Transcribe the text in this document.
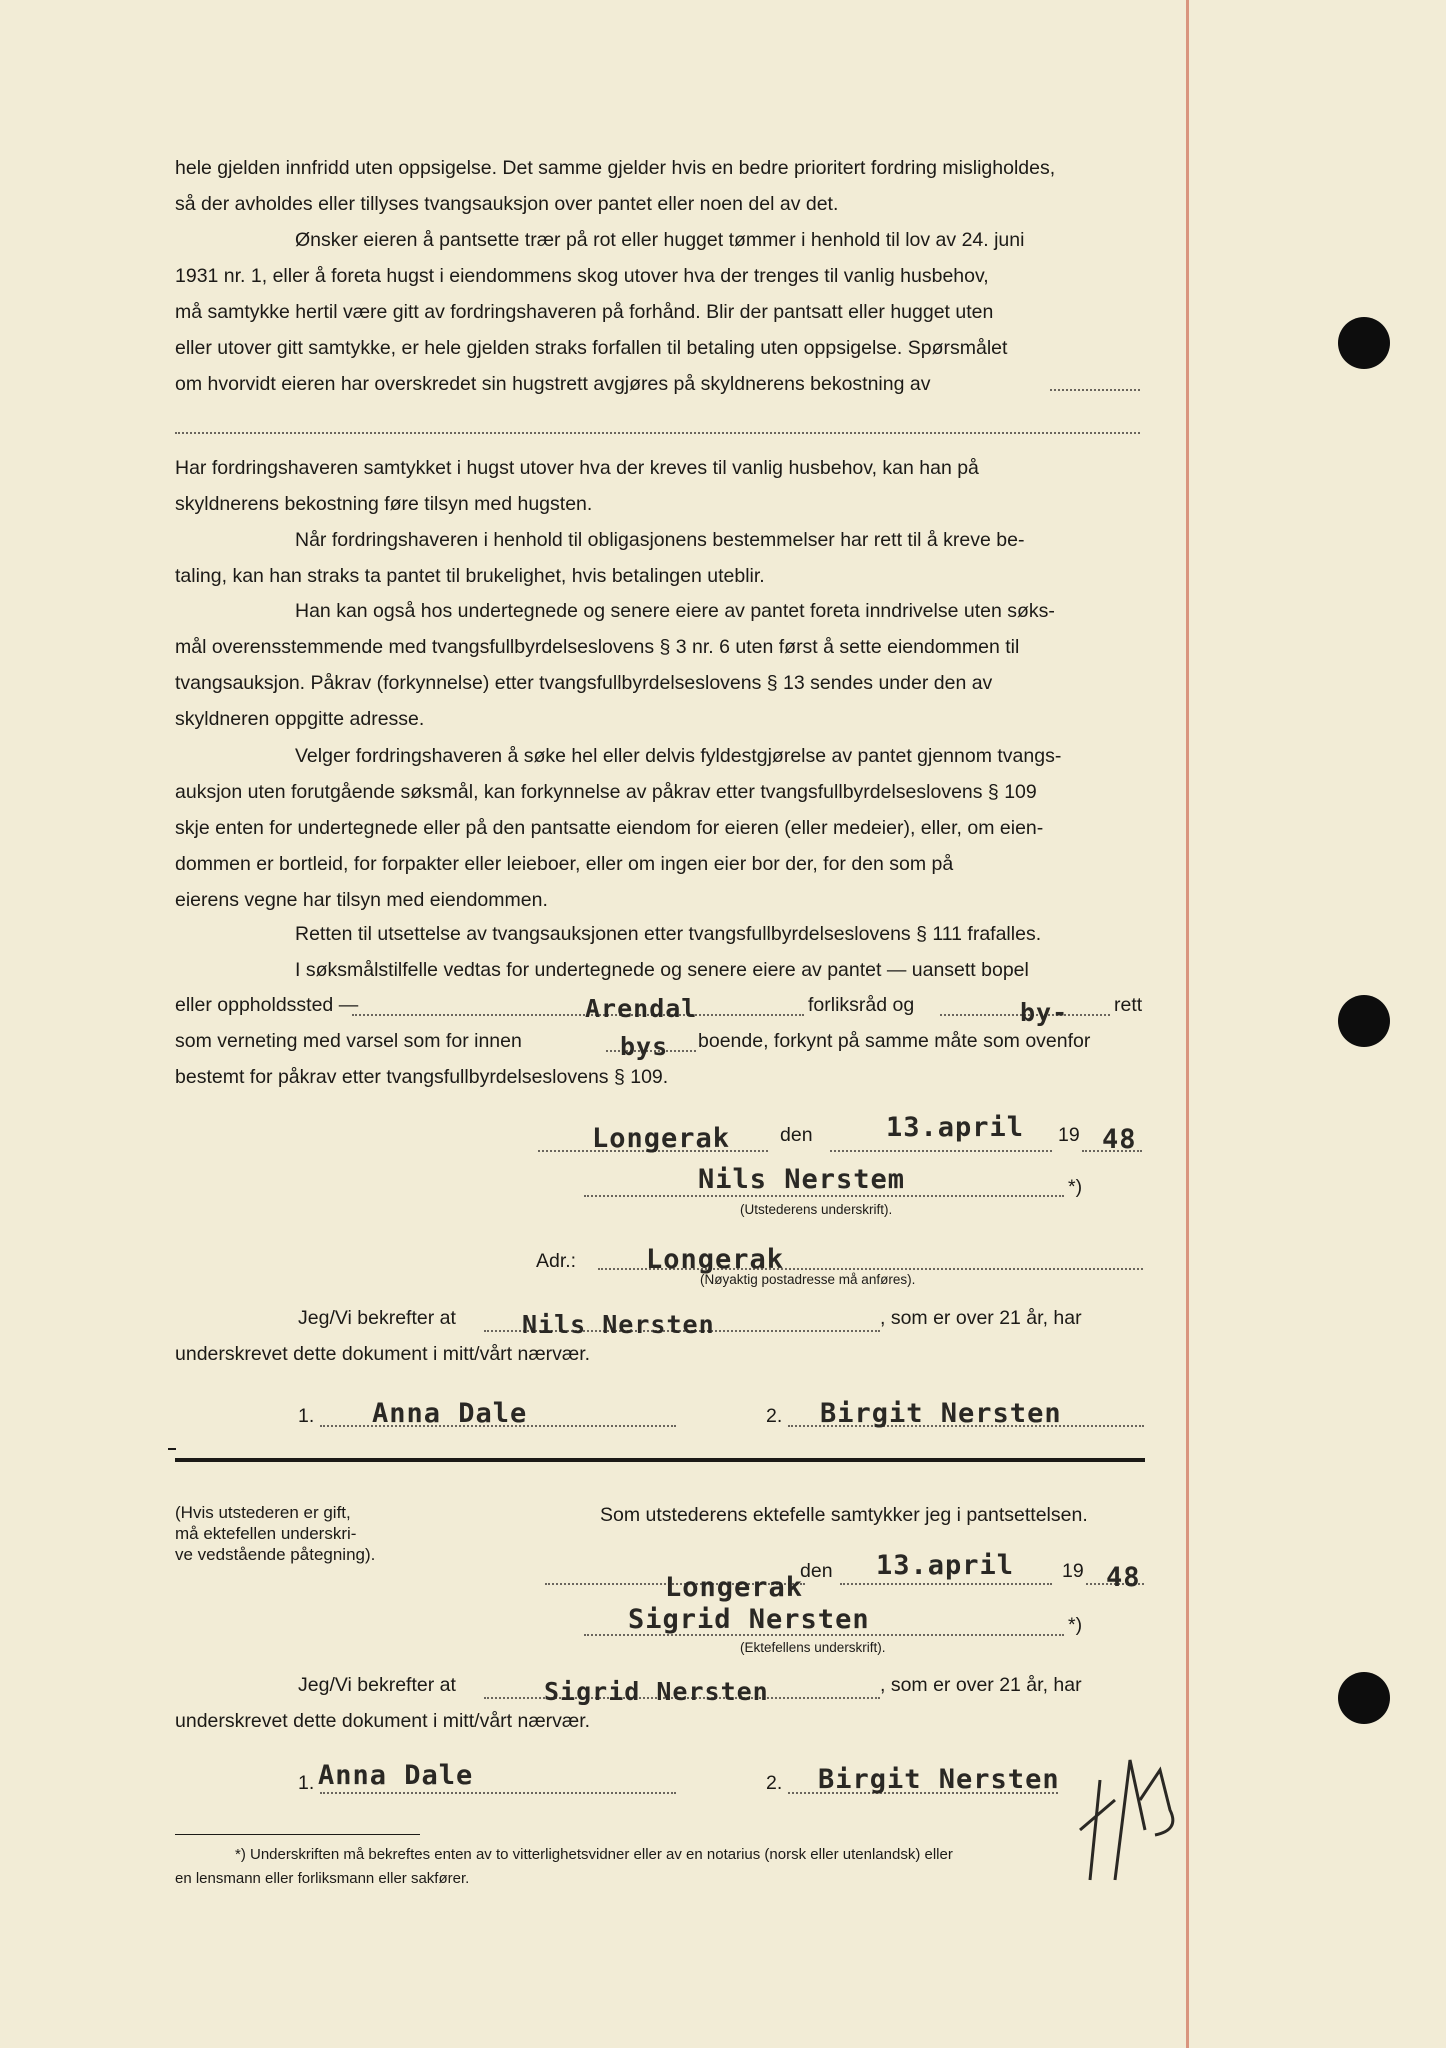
hele gjelden innfridd uten oppsigelse. Det samme gjelder hvis en bedre prioritert fordring misligholdes,
så der avholdes eller tillyses tvangsauksjon over pantet eller noen del av det.
Ønsker eieren å pantsette trær på rot eller hugget tømmer i henhold til lov av 24. juni
1931 nr. 1, eller å foreta hugst i eiendommens skog utover hva der trenges til vanlig husbehov,
må samtykke hertil være gitt av fordringshaveren på forhånd. Blir der pantsatt eller hugget uten
eller utover gitt samtykke, er hele gjelden straks forfallen til betaling uten oppsigelse. Spørsmålet
om hvorvidt eieren har overskredet sin hugstrett avgjøres på skyldnerens bekostning av
Har fordringshaveren samtykket i hugst utover hva der kreves til vanlig husbehov, kan han på
skyldnerens bekostning føre tilsyn med hugsten.
Når fordringshaveren i henhold til obligasjonens bestemmelser har rett til å kreve be-
taling, kan han straks ta pantet til brukelighet, hvis betalingen uteblir.
Han kan også hos undertegnede og senere eiere av pantet foreta inndrivelse uten søks-
mål overensstemmende med tvangsfullbyrdelseslovens § 3 nr. 6 uten først å sette eiendommen til
tvangsauksjon. Påkrav (forkynnelse) etter tvangsfullbyrdelseslovens § 13 sendes under den av
skyldneren oppgitte adresse.
Velger fordringshaveren å søke hel eller delvis fyldestgjørelse av pantet gjennom tvangs-
auksjon uten forutgående søksmål, kan forkynnelse av påkrav etter tvangsfullbyrdelseslovens § 109
skje enten for undertegnede eller på den pantsatte eiendom for eieren (eller medeier), eller, om eien-
dommen er bortleid, for forpakter eller leieboer, eller om ingen eier bor der, for den som på
eierens vegne har tilsyn med eiendommen.
Retten til utsettelse av tvangsauksjonen etter tvangsfullbyrdelseslovens § 111 frafalles.
I søksmålstilfelle vedtas for undertegnede og senere eiere av pantet — uansett bopel
eller oppholdssted —	forliksråd og	rett
Arendal	by-
som verneting med varsel som for innen	bys boende, forkynt på samme måte som ovenfor
bestemt for påkrav etter tvangsfullbyrdelseslovens § 109.
Longerak	den	13.april 19 48
Nils Nerstem	*)
(Utstederens underskrift).
Adr.:	Longerak
(Nøyaktig postadresse må anføres).
Jeg/Vi bekrefter at	Nils Nersten	, som er over 21 år, har
underskrevet dette dokument i mitt/vårt nærvær.
1. Anna Dale	2. Birgit Nersten
(Hvis utstederen er gift,
må ektefellen underskri-
ve vedstående påtegning).
Som utstederens ektefelle samtykker jeg i pantsettelsen.
Longerak
den 13.april 19 48
Sigrid Nersten	*)
(Ektefellens underskrift).
Jeg/Vi bekrefter at	Sigrid Nersten	, som er over 21 år, har
underskrevet dette dokument i mitt/vårt nærvær.
1. Anna Dale	2. Birgit Nersten
*) Underskriften må bekreftes enten av to vitterlighetsvidner eller av en notarius (norsk eller utenlandsk) eller
en lensmann eller forliksmann eller sakfører.
